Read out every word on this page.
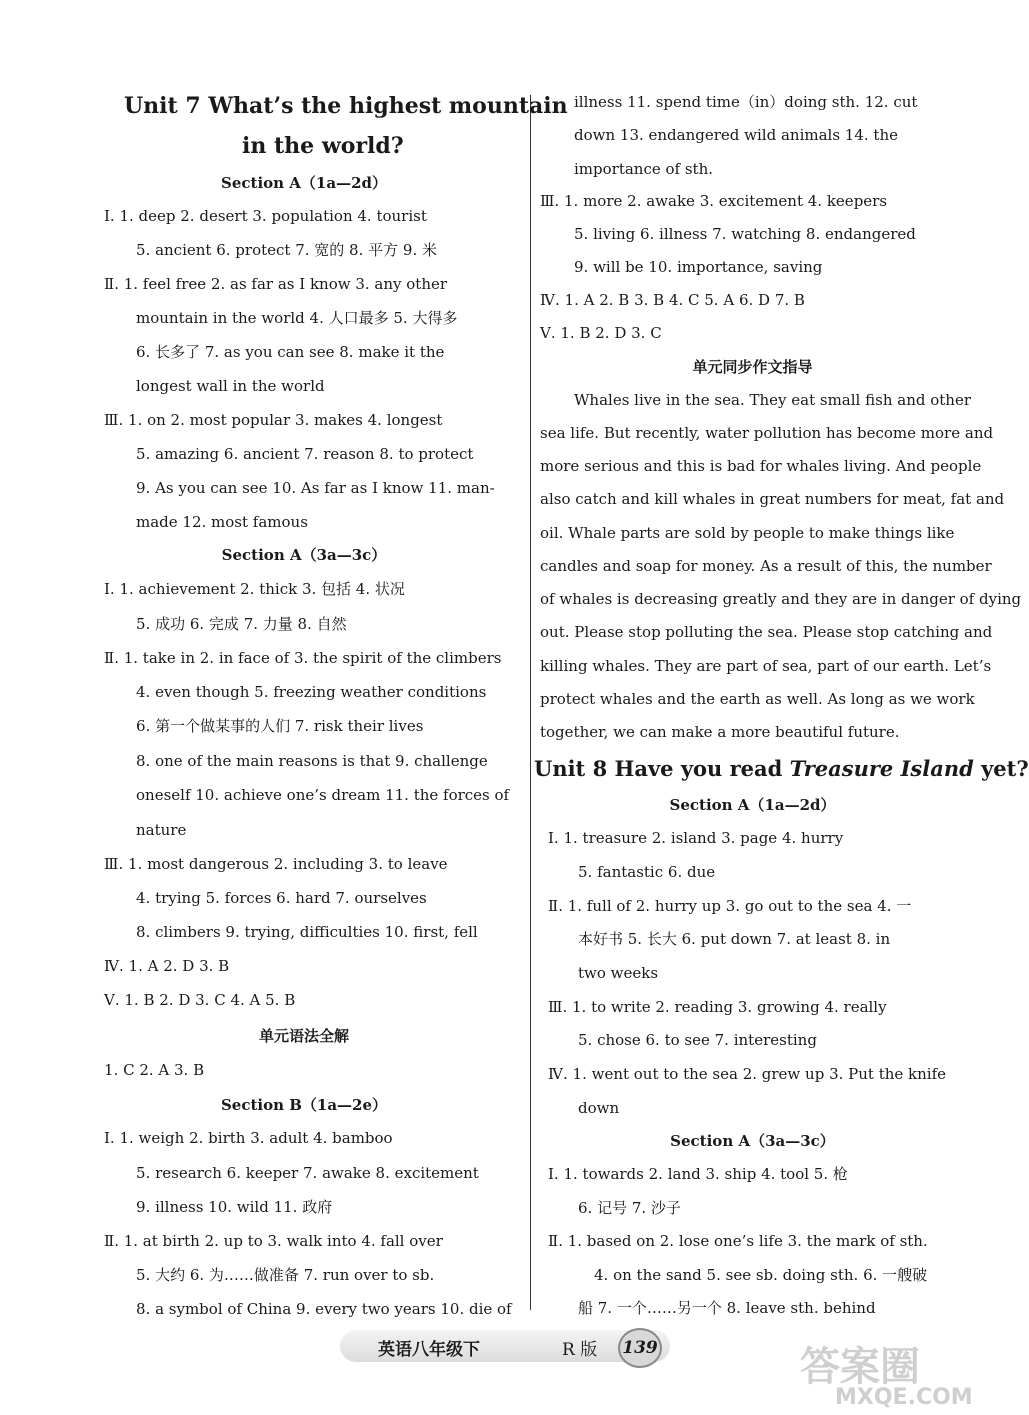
Unit 7 What’s the highest mountain
in the world?
Section A（1a—2d）
Ⅰ. 1. deep 2. desert 3. population 4. tourist
5. ancient 6. protect 7. 宽的 8. 平方 9. 米
Ⅱ. 1. feel free 2. as far as I know 3. any other
mountain in the world 4. 人口最多 5. 大得多
6. 长多了 7. as you can see 8. make it the
longest wall in the world
Ⅲ. 1. on 2. most popular 3. makes 4. longest
5. amazing 6. ancient 7. reason 8. to protect
9. As you can see 10. As far as I know 11. man-
made 12. most famous
Section A（3a—3c）
Ⅰ. 1. achievement 2. thick 3. 包括 4. 状况
5. 成功 6. 完成 7. 力量 8. 自然
Ⅱ. 1. take in 2. in face of 3. the spirit of the climbers
4. even though 5. freezing weather conditions
6. 第一个做某事的人们 7. risk their lives
8. one of the main reasons is that 9. challenge
oneself 10. achieve one’s dream 11. the forces of
nature
Ⅲ. 1. most dangerous 2. including 3. to leave
4. trying 5. forces 6. hard 7. ourselves
8. climbers 9. trying, difficulties 10. first, fell
Ⅳ. 1. A 2. D 3. B
Ⅴ. 1. B 2. D 3. C 4. A 5. B
单元语法全解
1. C 2. A 3. B
Section B（1a—2e）
Ⅰ. 1. weigh 2. birth 3. adult 4. bamboo
5. research 6. keeper 7. awake 8. excitement
9. illness 10. wild 11. 政府
Ⅱ. 1. at birth 2. up to 3. walk into 4. fall over
5. 大约 6. 为……做准备 7. run over to sb.
8. a symbol of China 9. every two years 10. die of
illness 11. spend time（in）doing sth. 12. cut
down 13. endangered wild animals 14. the
importance of sth.
Ⅲ. 1. more 2. awake 3. excitement 4. keepers
5. living 6. illness 7. watching 8. endangered
9. will be 10. importance, saving
Ⅳ. 1. A 2. B 3. B 4. C 5. A 6. D 7. B
Ⅴ. 1. B 2. D 3. C
单元同步作文指导
Whales live in the sea. They eat small fish and other
sea life. But recently, water pollution has become more and
more serious and this is bad for whales living. And people
also catch and kill whales in great numbers for meat, fat and
oil. Whale parts are sold by people to make things like
candles and soap for money. As a result of this, the number
of whales is decreasing greatly and they are in danger of dying
out. Please stop polluting the sea. Please stop catching and
killing whales. They are part of sea, part of our earth. Let’s
protect whales and the earth as well. As long as we work
together, we can make a more beautiful future.
Unit 8 Have you read Treasure Island yet?
Section A（1a—2d）
Ⅰ. 1. treasure 2. island 3. page 4. hurry
5. fantastic 6. due
Ⅱ. 1. full of 2. hurry up 3. go out to the sea 4. 一
本好书 5. 长大 6. put down 7. at least 8. in
two weeks
Ⅲ. 1. to write 2. reading 3. growing 4. really
5. chose 6. to see 7. interesting
Ⅳ. 1. went out to the sea 2. grew up 3. Put the knife
down
Section A（3a—3c）
Ⅰ. 1. towards 2. land 3. ship 4. tool 5. 枪
6. 记号 7. 沙子
Ⅱ. 1. based on 2. lose one’s life 3. the mark of sth.
4. on the sand 5. see sb. doing sth. 6. 一艘破
船 7. 一个……另一个 8. leave sth. behind
英语八年级下	R 版 139	答案圈
MXQE.COM
